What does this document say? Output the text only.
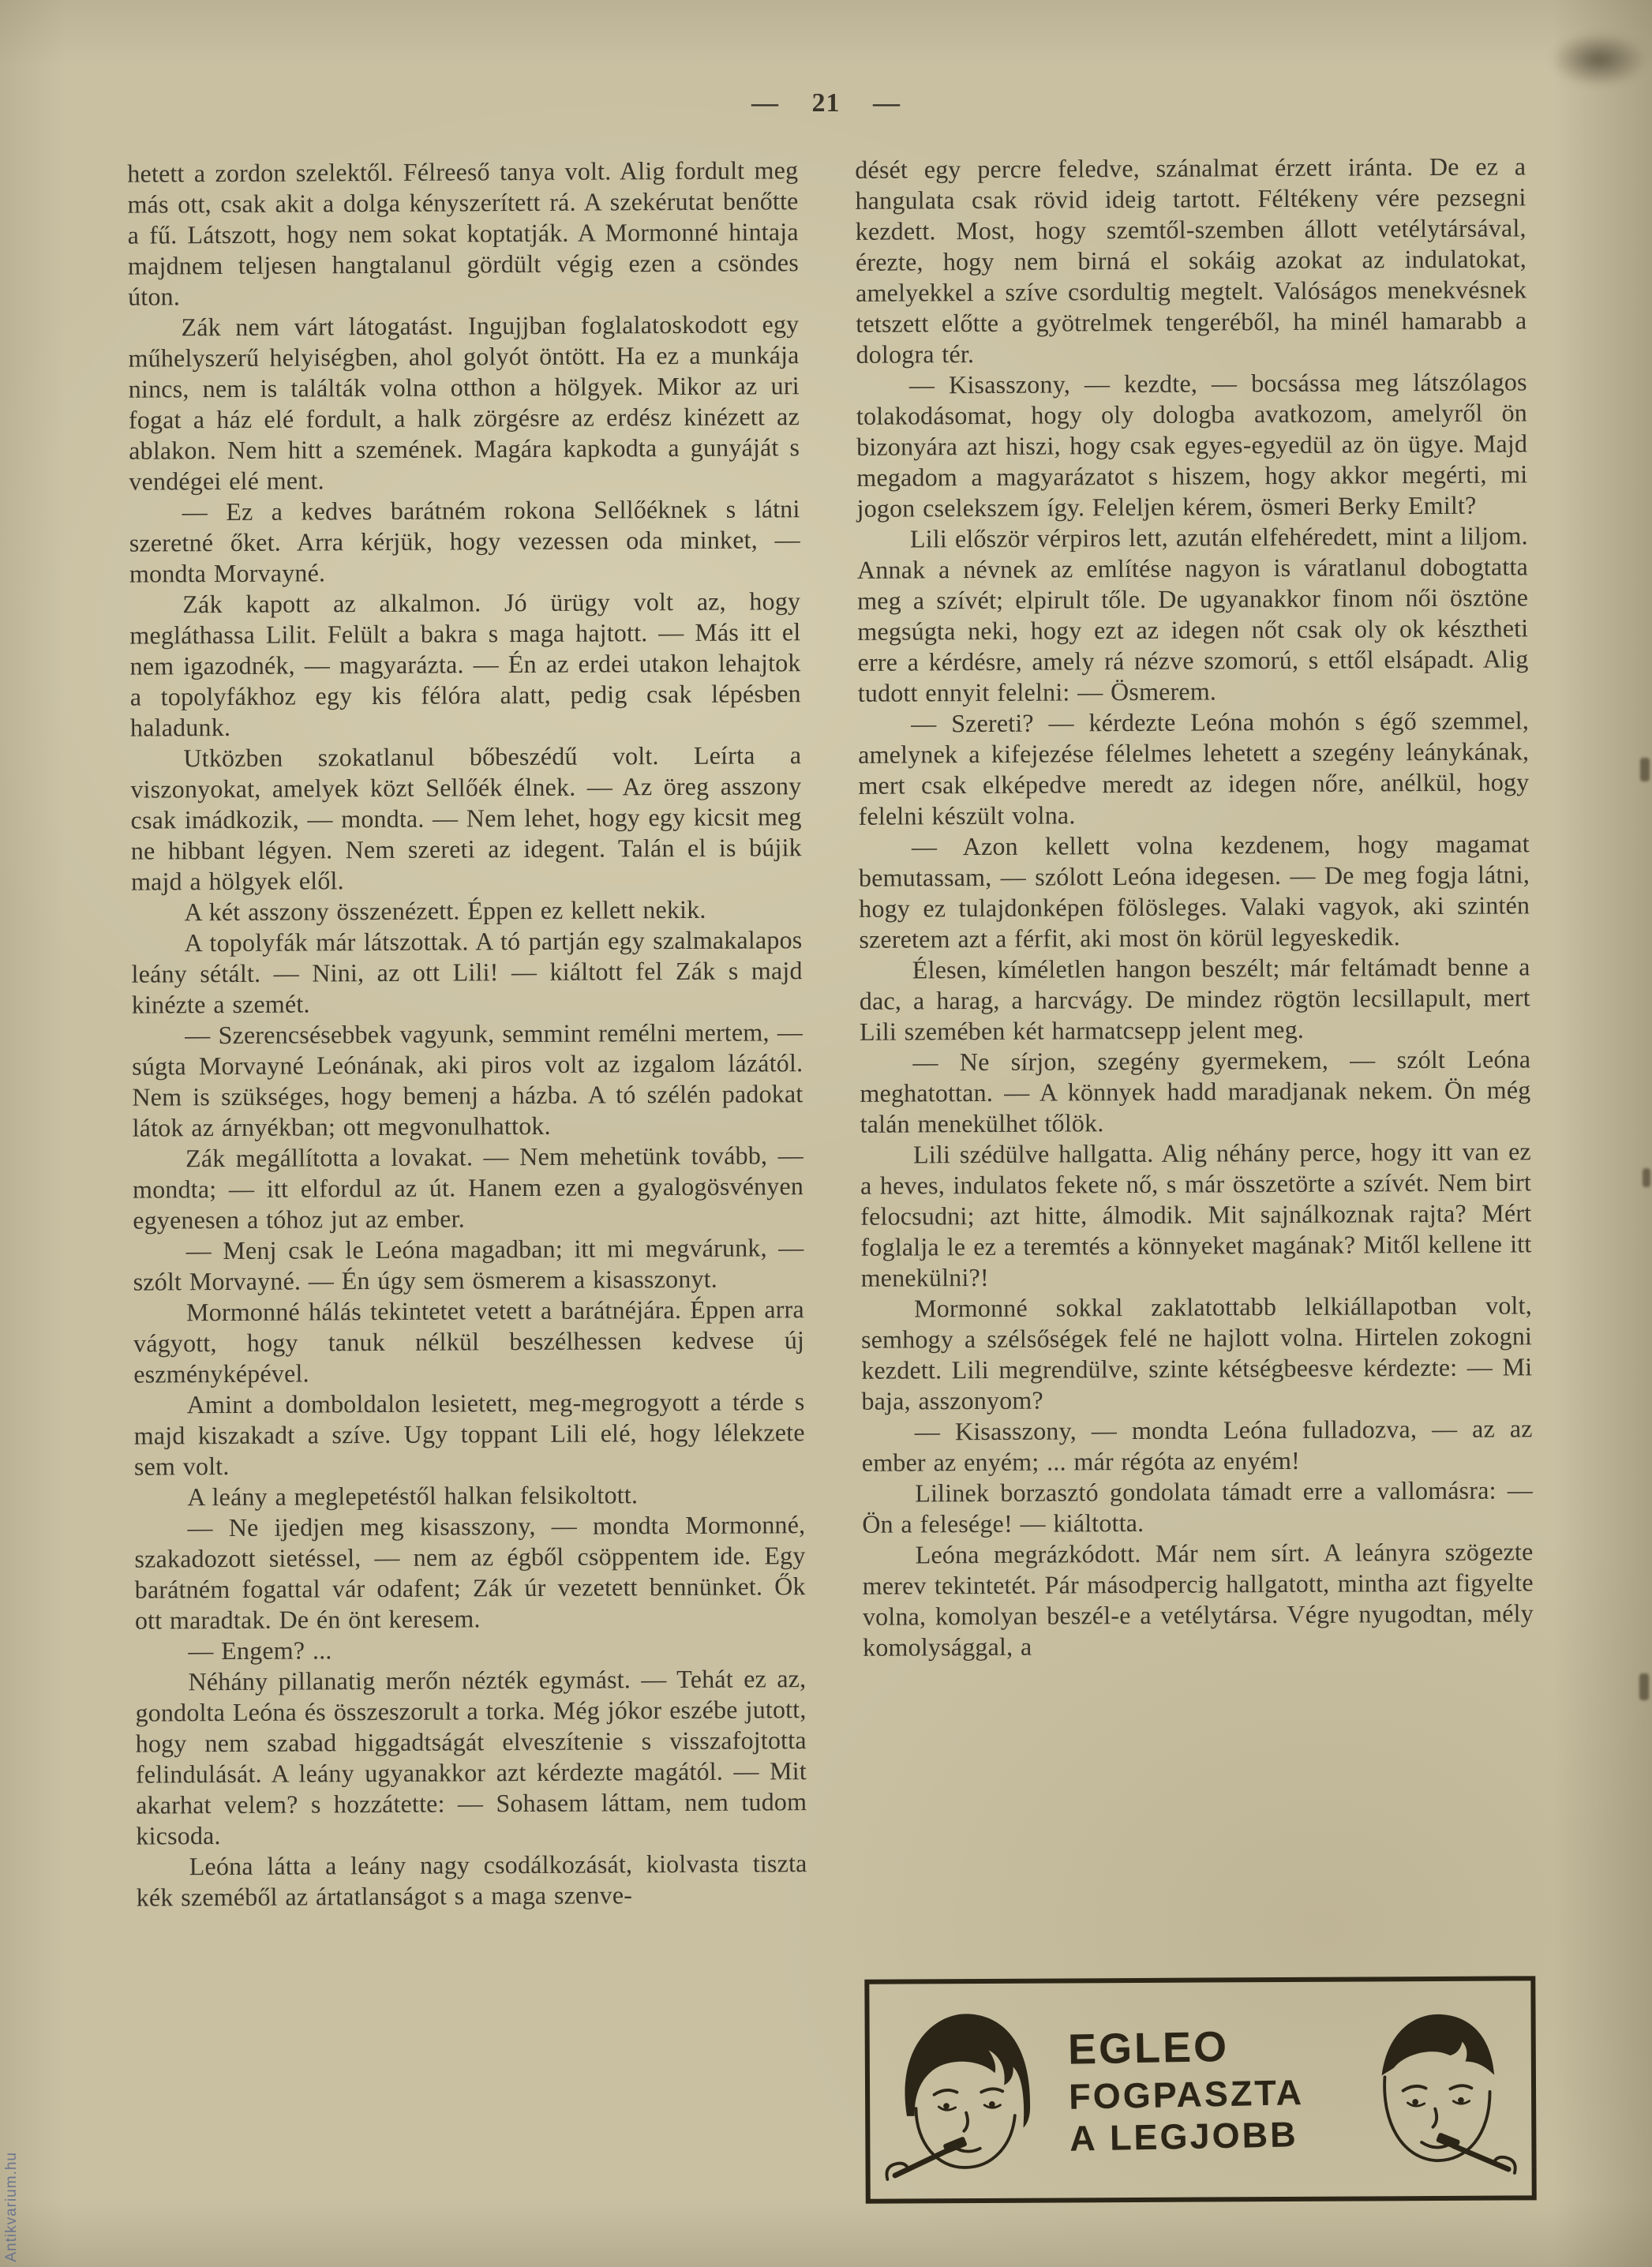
— 21 —

hetett a zordon szelektől. Félreeső tanya volt. Alig fordult meg más ott, csak akit a dolga kényszerített rá. A szekérutat benőtte a fű. Látszott, hogy nem sokat koptatják. A Mormonné hintaja majdnem teljesen hangtalanul gördült végig ezen a csöndes úton.

Zák nem várt látogatást. Ingujjban foglalatoskodott egy műhelyszerű helyiségben, ahol golyót öntött. Ha ez a munkája nincs, nem is találták volna otthon a hölgyek. Mikor az uri fogat a ház elé fordult, a halk zörgésre az erdész kinézett az ablakon. Nem hitt a szemének. Magára kapkodta a gunyáját s vendégei elé ment.

— Ez a kedves barátném rokona Sellőéknek s látni szeretné őket. Arra kérjük, hogy vezessen oda minket, — mondta Morvayné.

Zák kapott az alkalmon. Jó ürügy volt az, hogy megláthassa Lilit. Felült a bakra s maga hajtott. — Más itt el nem igazodnék, — magyarázta. — Én az erdei utakon lehajtok a topolyfákhoz egy kis félóra alatt, pedig csak lépésben haladunk.

Utközben szokatlanul bőbeszédű volt. Leírta a viszonyokat, amelyek közt Sellőék élnek. — Az öreg asszony csak imádkozik, — mondta. — Nem lehet, hogy egy kicsit meg ne hibbant légyen. Nem szereti az idegent. Talán el is bújik majd a hölgyek elől.

A két asszony összenézett. Éppen ez kellett nekik.

A topolyfák már látszottak. A tó partján egy szalmakalapos leány sétált. — Nini, az ott Lili! — kiáltott fel Zák s majd kinézte a szemét.

— Szerencsésebbek vagyunk, semmint remélni mertem, — súgta Morvayné Leónának, aki piros volt az izgalom lázától. Nem is szükséges, hogy bemenj a házba. A tó szélén padokat látok az árnyékban; ott megvonulhattok.

Zák megállította a lovakat. — Nem mehetünk tovább, — mondta; — itt elfordul az út. Hanem ezen a gyalogösvényen egyenesen a tóhoz jut az ember.

— Menj csak le Leóna magadban; itt mi megvárunk, — szólt Morvayné. — Én úgy sem ösmerem a kisasszonyt.

Mormonné hálás tekintetet vetett a barátnéjára. Éppen arra vágyott, hogy tanuk nélkül beszélhessen kedvese új eszményképével.

Amint a domboldalon lesietett, meg-megrogyott a térde s majd kiszakadt a szíve. Ugy toppant Lili elé, hogy lélekzete sem volt.

A leány a meglepetéstől halkan felsikoltott.

— Ne ijedjen meg kisasszony, — mondta Mormonné, szakadozott sietéssel, — nem az égből csöppentem ide. Egy barátném fogattal vár odafent; Zák úr vezetett bennünket. Ők ott maradtak. De én önt keresem.

— Engem? ...

Néhány pillanatig merőn nézték egymást. — Tehát ez az, gondolta Leóna és összeszorult a torka. Még jókor eszébe jutott, hogy nem szabad higgadtságát elveszítenie s visszafojtotta felindulását. A leány ugyanakkor azt kérdezte magától. — Mit akarhat velem? s hozzátette: — Sohasem láttam, nem tudom kicsoda.

Leóna látta a leány nagy csodálkozását, kiolvasta tiszta kék szeméből az ártatlanságot s a maga szenve-

dését egy percre feledve, szánalmat érzett iránta. De ez a hangulata csak rövid ideig tartott. Féltékeny vére pezsegni kezdett. Most, hogy szemtől-szemben állott vetélytársával, érezte, hogy nem birná el sokáig azokat az indulatokat, amelyekkel a szíve csordultig megtelt. Valóságos menekvésnek tetszett előtte a gyötrelmek tengeréből, ha minél hamarabb a dologra tér.

— Kisasszony, — kezdte, — bocsássa meg látszólagos tolakodásomat, hogy oly dologba avatkozom, amelyről ön bizonyára azt hiszi, hogy csak egyes-egyedül az ön ügye. Majd megadom a magyarázatot s hiszem, hogy akkor megérti, mi jogon cselekszem így. Feleljen kérem, ösmeri Berky Emilt?

Lili először vérpiros lett, azután elfehéredett, mint a liljom. Annak a névnek az említése nagyon is váratlanul dobogtatta meg a szívét; elpirult tőle. De ugyanakkor finom női ösztöne megsúgta neki, hogy ezt az idegen nőt csak oly ok késztheti erre a kérdésre, amely rá nézve szomorú, s ettől elsápadt. Alig tudott ennyit felelni: — Ösmerem.

— Szereti? — kérdezte Leóna mohón s égő szemmel, amelynek a kifejezése félelmes lehetett a szegény leánykának, mert csak elképedve meredt az idegen nőre, anélkül, hogy felelni készült volna.

— Azon kellett volna kezdenem, hogy magamat bemutassam, — szólott Leóna idegesen. — De meg fogja látni, hogy ez tulajdonképen fölösleges. Valaki vagyok, aki szintén szeretem azt a férfit, aki most ön körül legyeskedik.

Élesen, kíméletlen hangon beszélt; már feltámadt benne a dac, a harag, a harcvágy. De mindez rögtön lecsillapult, mert Lili szemében két harmatcsepp jelent meg.

— Ne sírjon, szegény gyermekem, — szólt Leóna meghatottan. — A könnyek hadd maradjanak nekem. Ön még talán menekülhet tőlök.

Lili szédülve hallgatta. Alig néhány perce, hogy itt van ez a heves, indulatos fekete nő, s már összetörte a szívét. Nem birt felocsudni; azt hitte, álmodik. Mit sajnálkoznak rajta? Mért foglalja le ez a teremtés a könnyeket magának? Mitől kellene itt menekülni?!

Mormonné sokkal zaklatottabb lelkiállapotban volt, semhogy a szélsőségek felé ne hajlott volna. Hirtelen zokogni kezdett. Lili megrendülve, szinte kétségbeesve kérdezte: — Mi baja, asszonyom?

— Kisasszony, — mondta Leóna fulladozva, — az az ember az enyém; ... már régóta az enyém!

Lilinek borzasztó gondolata támadt erre a vallomásra: — Ön a felesége! — kiáltotta.

Leóna megrázkódott. Már nem sírt. A leányra szögezte merev tekintetét. Pár másodpercig hallgatott, mintha azt figyelte volna, komolyan beszél-e a vetélytársa. Végre nyugodtan, mély komolysággal, a

EGLEO
FOGPASZTA
A LEGJOBB
Antikvarium.hu
